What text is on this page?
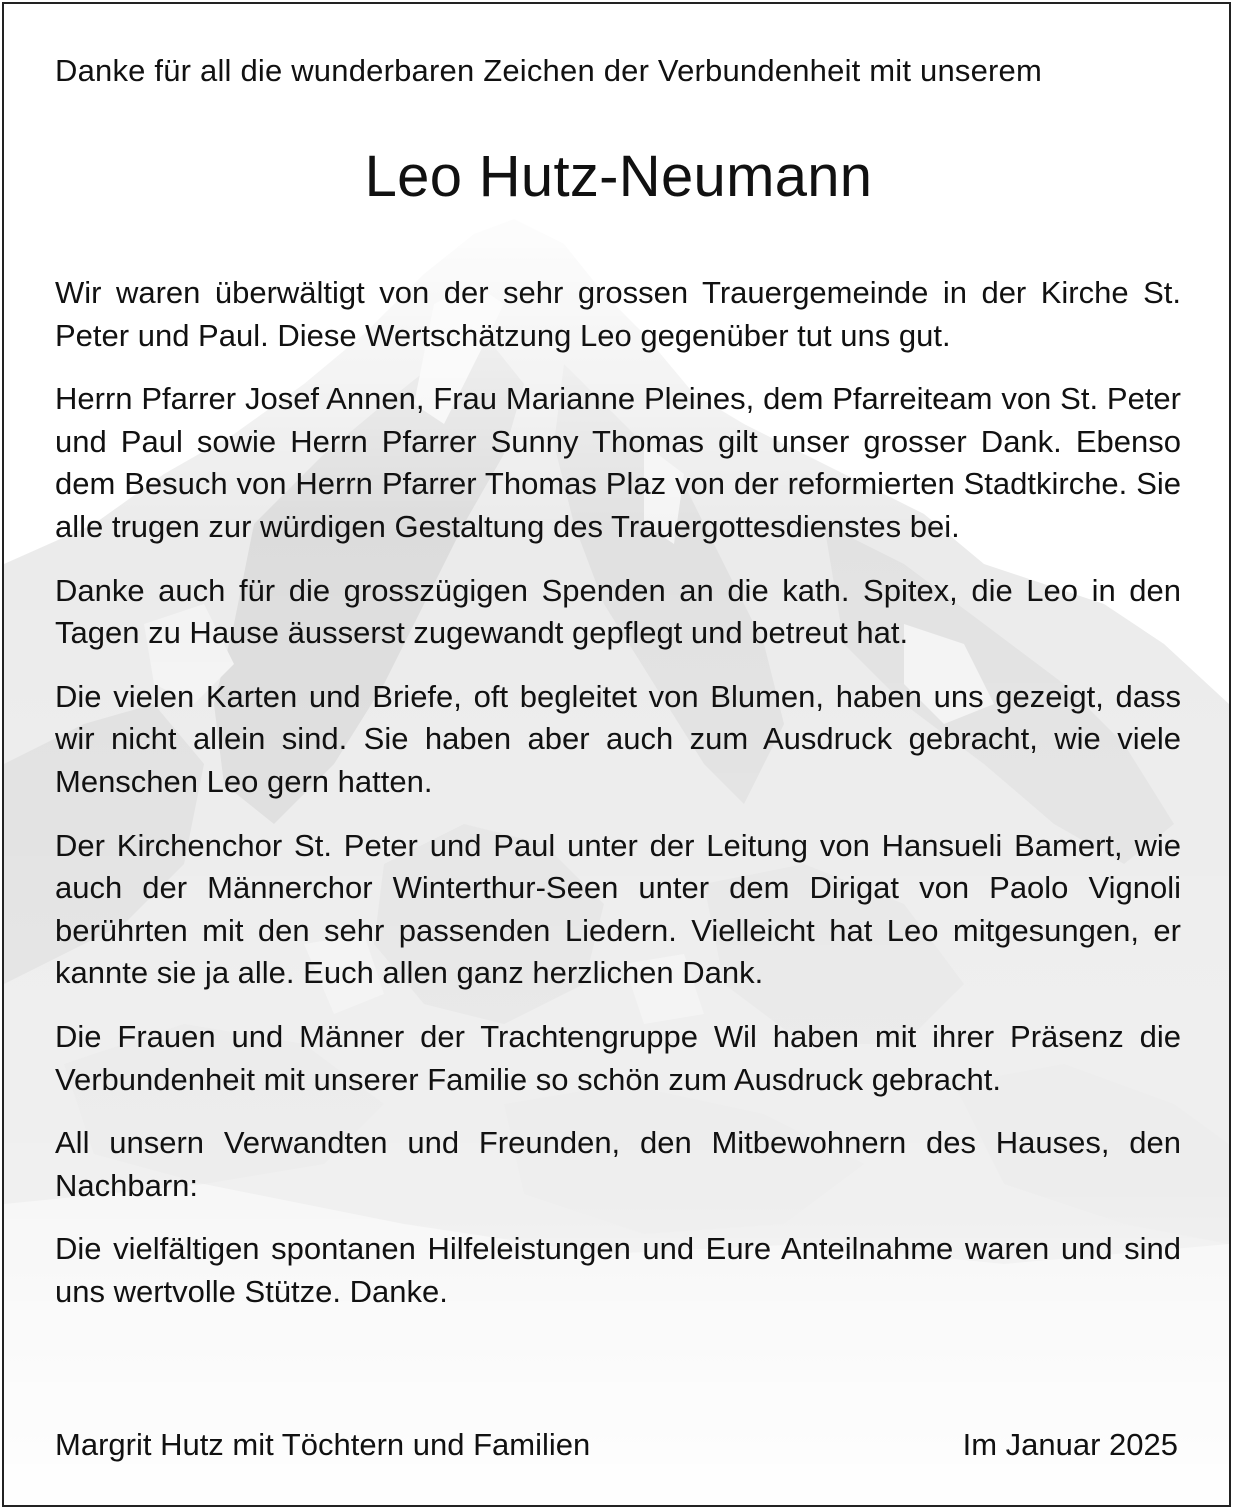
Danke für all die wunderbaren Zeichen der Verbundenheit mit unserem
Leo Hutz-Neumann

Wir waren überwältigt von der sehr grossen Trauergemeinde in der Kirche St. Peter und Paul. Diese Wertschätzung Leo gegenüber tut uns gut.

Herrn Pfarrer Josef Annen, Frau Marianne Pleines, dem Pfarreiteam von St. Peter und Paul sowie Herrn Pfarrer Sunny Thomas gilt unser grosser Dank. Ebenso dem Besuch von Herrn Pfarrer Thomas Plaz von der reformierten Stadtkirche. Sie alle trugen zur würdigen Gestaltung des Trauergottesdienstes bei.

Danke auch für die grosszügigen Spenden an die kath. Spitex, die Leo in den Tagen zu Hause äusserst zugewandt gepflegt und betreut hat.

Die vielen Karten und Briefe, oft begleitet von Blumen, haben uns gezeigt, dass wir nicht allein sind. Sie haben aber auch zum Ausdruck gebracht, wie viele Menschen Leo gern hatten.

Der Kirchenchor St. Peter und Paul unter der Leitung von Hansueli Bamert, wie auch der Männerchor Winterthur-Seen unter dem Dirigat von Paolo Vignoli berührten mit den sehr passenden Liedern. Vielleicht hat Leo mitgesungen, er kannte sie ja alle. Euch allen ganz herzlichen Dank.

Die Frauen und Männer der Trachtengruppe Wil haben mit ihrer Präsenz die Verbundenheit mit unserer Familie so schön zum Ausdruck gebracht.

All unsern Verwandten und Freunden, den Mitbewohnern des Hauses, den Nachbarn:

Die vielfältigen spontanen Hilfeleistungen und Eure Anteilnahme waren und sind uns wertvolle Stütze. Danke.

Margrit Hutz mit Töchtern und Familien	Im Januar 2025
